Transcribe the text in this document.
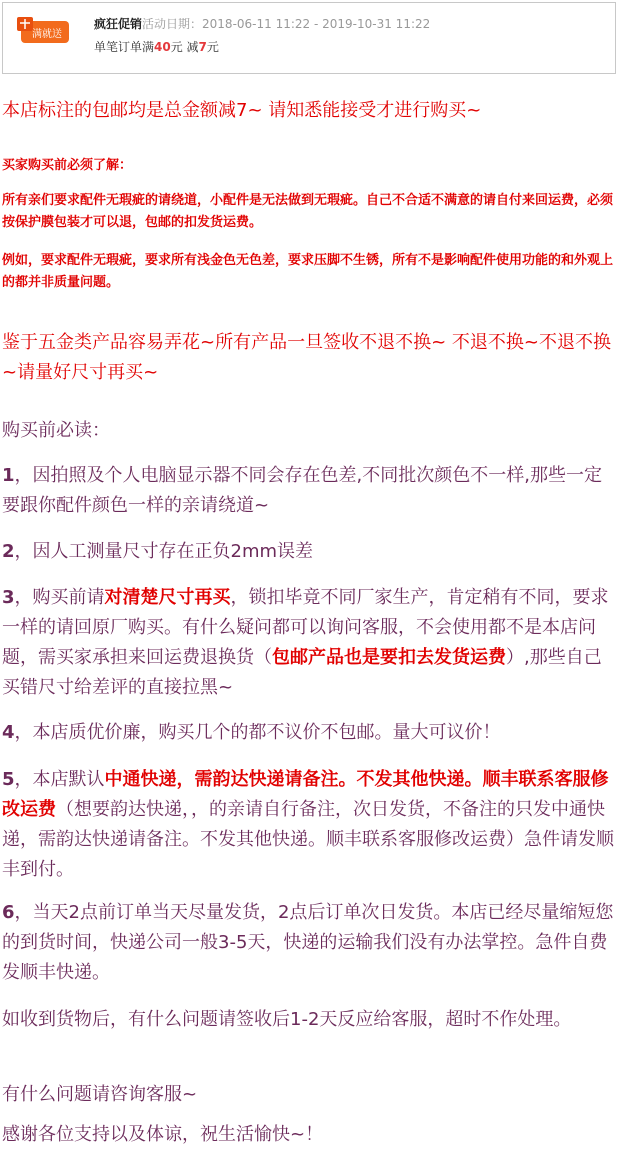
满就送
疯狂促销活动日期：2018-06-11 11:22 - 2019-10-31 11:22
单笔订单满40元 减7元

本店标注的包邮均是总金额减7~ 请知悉能接受才进行购买~

买家购买前必须了解：

所有亲们要求配件无瑕疵的请绕道，小配件是无法做到无瑕疵。自己不合适不满意的请自付来回运费，必须按保护膜包装才可以退，包邮的扣发货运费。

例如，要求配件无瑕疵，要求所有浅金色无色差，要求压脚不生锈，所有不是影响配件使用功能的和外观上的都并非质量问题。

鉴于五金类产品容易弄花~所有产品一旦签收不退不换~ 不退不换~不退不换~请量好尺寸再买~

购买前必读：

1，因拍照及个人电脑显示器不同会存在色差,不同批次颜色不一样,那些一定要跟你配件颜色一样的亲请绕道~

2，因人工测量尺寸存在正负2mm误差

3，购买前请对清楚尺寸再买，锁扣毕竟不同厂家生产，肯定稍有不同，要求一样的请回原厂购买。有什么疑问都可以询问客服，不会使用都不是本店问题，需买家承担来回运费退换货（包邮产品也是要扣去发货运费）,那些自己买错尺寸给差评的直接拉黑~

4，本店质优价廉，购买几个的都不议价不包邮。量大可议价！

5，本店默认中通快递，需韵达快递请备注。不发其他快递。顺丰联系客服修改运费（想要韵达快递，，的亲请自行备注，次日发货，不备注的只发中通快递，需韵达快递请备注。不发其他快递。顺丰联系客服修改运费）急件请发顺丰到付。

6，当天2点前订单当天尽量发货，2点后订单次日发货。本店已经尽量缩短您的到货时间，快递公司一般3-5天，快递的运输我们没有办法掌控。急件自费发顺丰快递。

如收到货物后，有什么问题请签收后1-2天反应给客服，超时不作处理。

有什么问题请咨询客服~

感谢各位支持以及体谅，祝生活愉快~！
